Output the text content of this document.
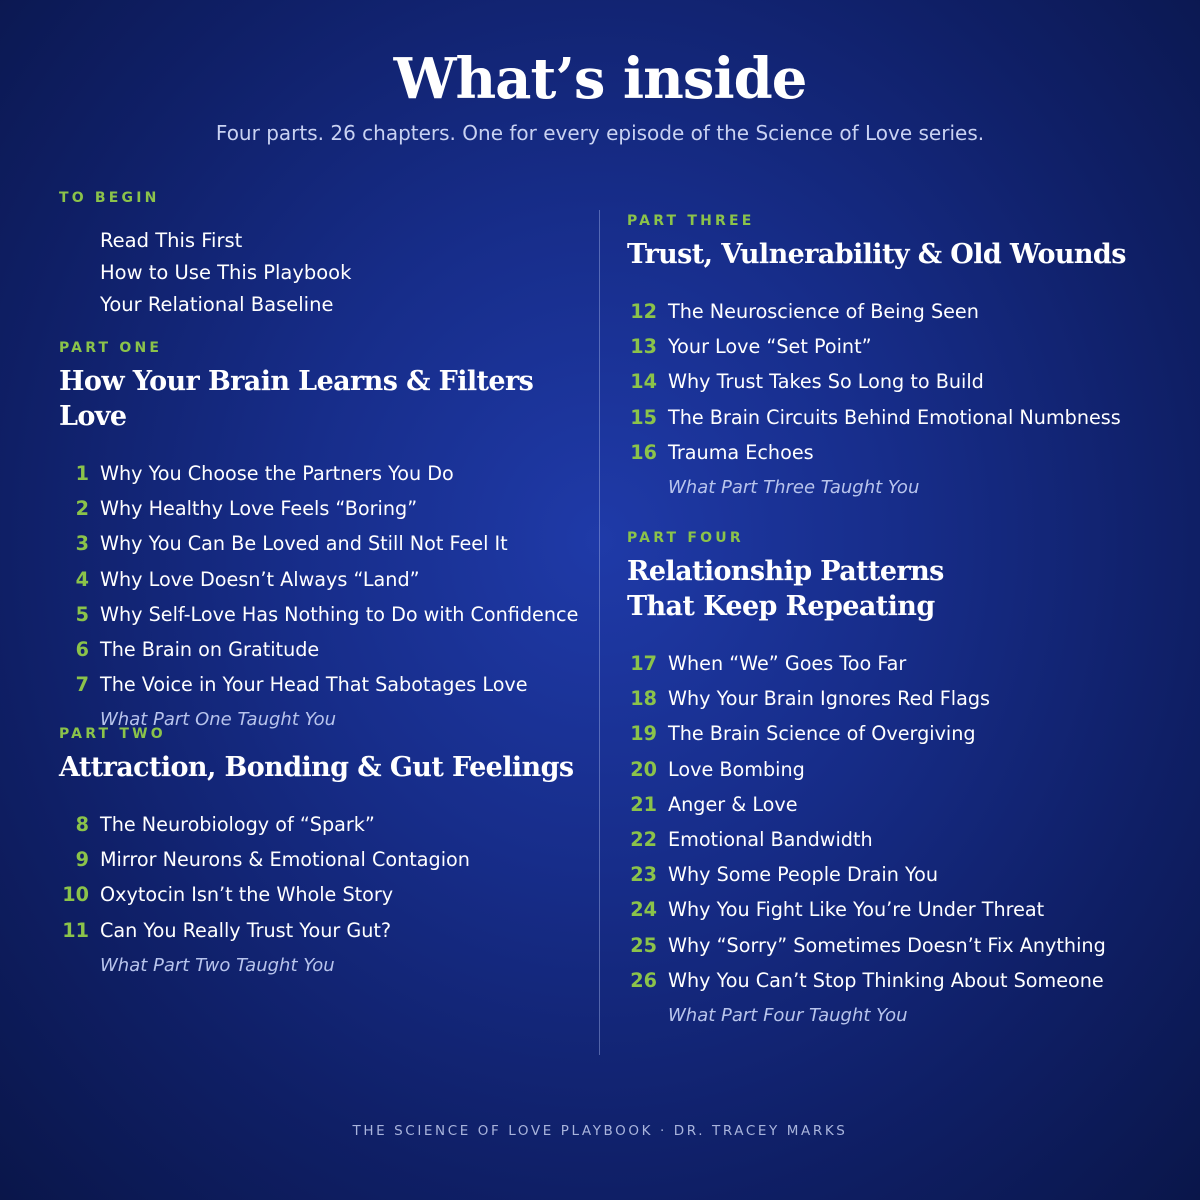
What’s inside
Four parts. 26 chapters. One for every episode of the Science of Love series.
TO BEGIN
Read This First
How to Use This Playbook
Your Relational Baseline
PART ONE
How Your Brain Learns & Filters Love
1 Why You Choose the Partners You Do
2 Why Healthy Love Feels “Boring”
3 Why You Can Be Loved and Still Not Feel It
4 Why Love Doesn’t Always “Land”
5 Why Self-Love Has Nothing to Do with Confidence
6 The Brain on Gratitude
7 The Voice in Your Head That Sabotages Love
What Part One Taught You
PART TWO
Attraction, Bonding & Gut Feelings
8 The Neurobiology of “Spark”
9 Mirror Neurons & Emotional Contagion
10 Oxytocin Isn’t the Whole Story
11 Can You Really Trust Your Gut?
What Part Two Taught You
PART THREE
Trust, Vulnerability & Old Wounds
12 The Neuroscience of Being Seen
13 Your Love “Set Point”
14 Why Trust Takes So Long to Build
15 The Brain Circuits Behind Emotional Numbness
16 Trauma Echoes
What Part Three Taught You
PART FOUR
Relationship Patterns
That Keep Repeating
17 When “We” Goes Too Far
18 Why Your Brain Ignores Red Flags
19 The Brain Science of Overgiving
20 Love Bombing
21 Anger & Love
22 Emotional Bandwidth
23 Why Some People Drain You
24 Why You Fight Like You’re Under Threat
25 Why “Sorry” Sometimes Doesn’t Fix Anything
26 Why You Can’t Stop Thinking About Someone
What Part Four Taught You
THE SCIENCE OF LOVE PLAYBOOK · DR. TRACEY MARKS
